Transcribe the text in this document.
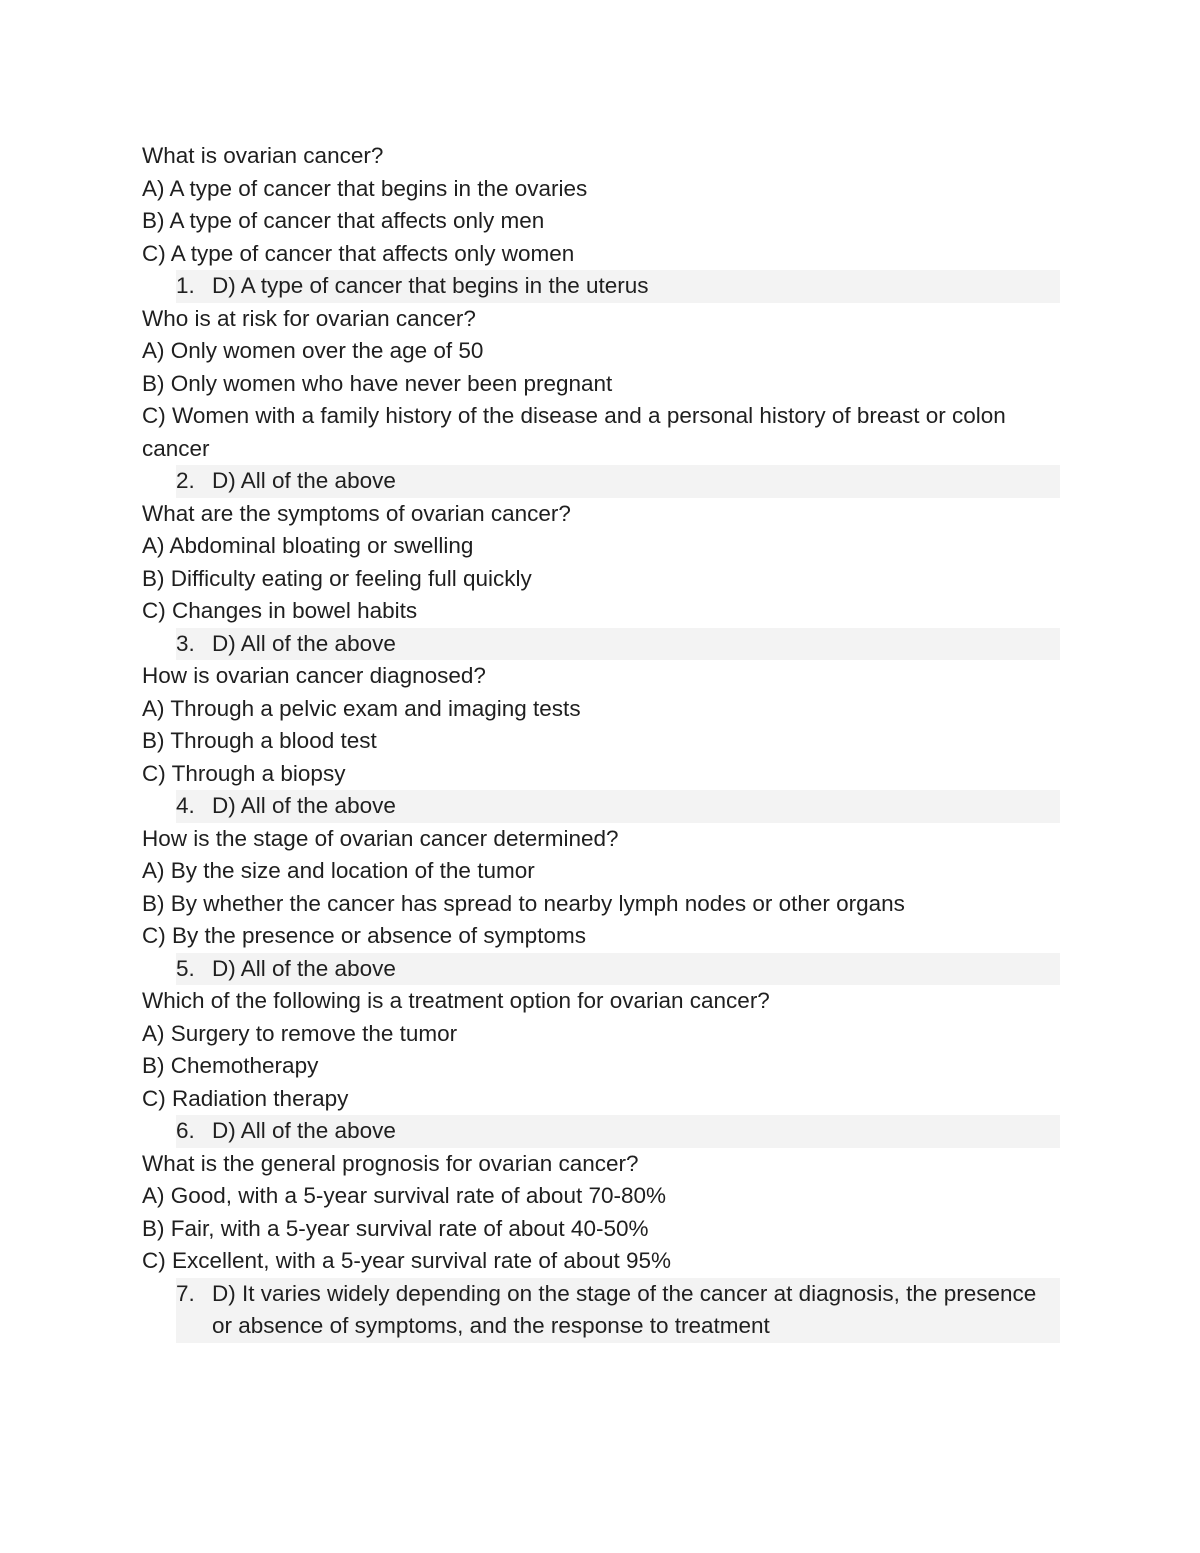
What is ovarian cancer?

A) A type of cancer that begins in the ovaries

B) A type of cancer that affects only men

C) A type of cancer that affects only women

1. D) A type of cancer that begins in the uterus

Who is at risk for ovarian cancer?

A) Only women over the age of 50

B) Only women who have never been pregnant

C) Women with a family history of the disease and a personal history of breast or colon cancer

2. D) All of the above

What are the symptoms of ovarian cancer?

A) Abdominal bloating or swelling

B) Difficulty eating or feeling full quickly

C) Changes in bowel habits

3. D) All of the above

How is ovarian cancer diagnosed?

A) Through a pelvic exam and imaging tests

B) Through a blood test

C) Through a biopsy

4. D) All of the above

How is the stage of ovarian cancer determined?

A) By the size and location of the tumor

B) By whether the cancer has spread to nearby lymph nodes or other organs

C) By the presence or absence of symptoms

5. D) All of the above

Which of the following is a treatment option for ovarian cancer?

A) Surgery to remove the tumor

B) Chemotherapy

C) Radiation therapy

6. D) All of the above

What is the general prognosis for ovarian cancer?

A) Good, with a 5-year survival rate of about 70-80%

B) Fair, with a 5-year survival rate of about 40-50%

C) Excellent, with a 5-year survival rate of about 95%

7. D) It varies widely depending on the stage of the cancer at diagnosis, the presence or absence of symptoms, and the response to treatment
